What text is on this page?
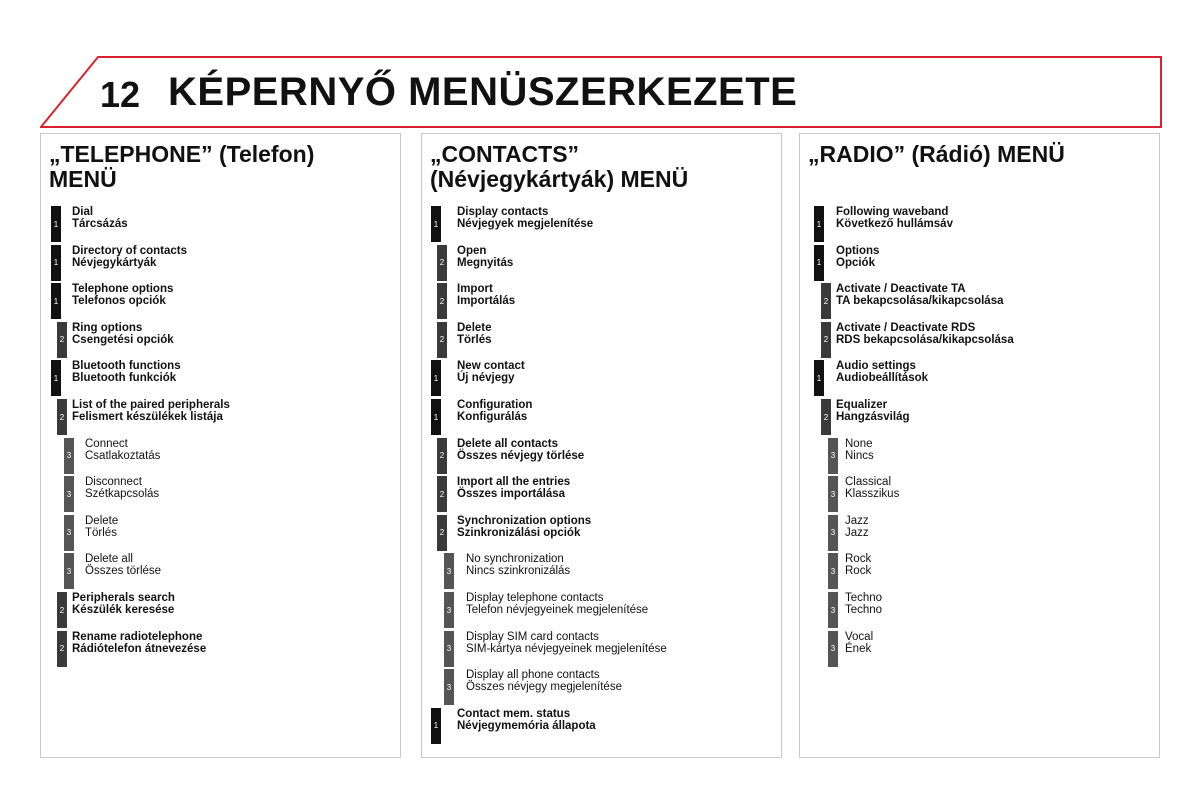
12 KÉPERNYŐ MENÜSZERKEZETE
„TELEPHONE” (Telefon)
MENÜ
1
Dial
Tárcsázás
1
Directory of contacts
Névjegykártyák
1
Telephone options
Telefonos opciók
2
Ring options
Csengetési opciók
1
Bluetooth functions
Bluetooth funkciók
2
List of the paired peripherals
Felismert készülékek listája
3
Connect
Csatlakoztatás
3
Disconnect
Szétkapcsolás
3
Delete
Törlés
3
Delete all
Összes törlése
2
Peripherals search
Készülék keresése
2
Rename radiotelephone
Rádiótelefon átnevezése
„CONTACTS”
(Névjegykártyák) MENÜ
1
Display contacts
Névjegyek megjelenítése
2
Open
Megnyitás
2
Import
Importálás
2
Delete
Törlés
1
New contact
Új névjegy
1
Configuration
Konfigurálás
2
Delete all contacts
Összes névjegy törlése
2
Import all the entries
Összes importálása
2
Synchronization options
Szinkronizálási opciók
3
No synchronization
Nincs szinkronizálás
3
Display telephone contacts
Telefon névjegyeinek megjelenítése
3
Display SIM card contacts
SIM-kártya névjegyeinek megjelenítése
3
Display all phone contacts
Összes névjegy megjelenítése
1
Contact mem. status
Névjegymemória állapota
„RADIO” (Rádió) MENÜ
1
Following waveband
Következő hullámsáv
1
Options
Opciók
2
Activate / Deactivate TA
TA bekapcsolása/kikapcsolása
2
Activate / Deactivate RDS
RDS bekapcsolása/kikapcsolása
1
Audio settings
Audiobeállítások
2
Equalizer
Hangzásvilág
3
None
Nincs
3
Classical
Klasszikus
3
Jazz
Jazz
3
Rock
Rock
3
Techno
Techno
3
Vocal
Ének
